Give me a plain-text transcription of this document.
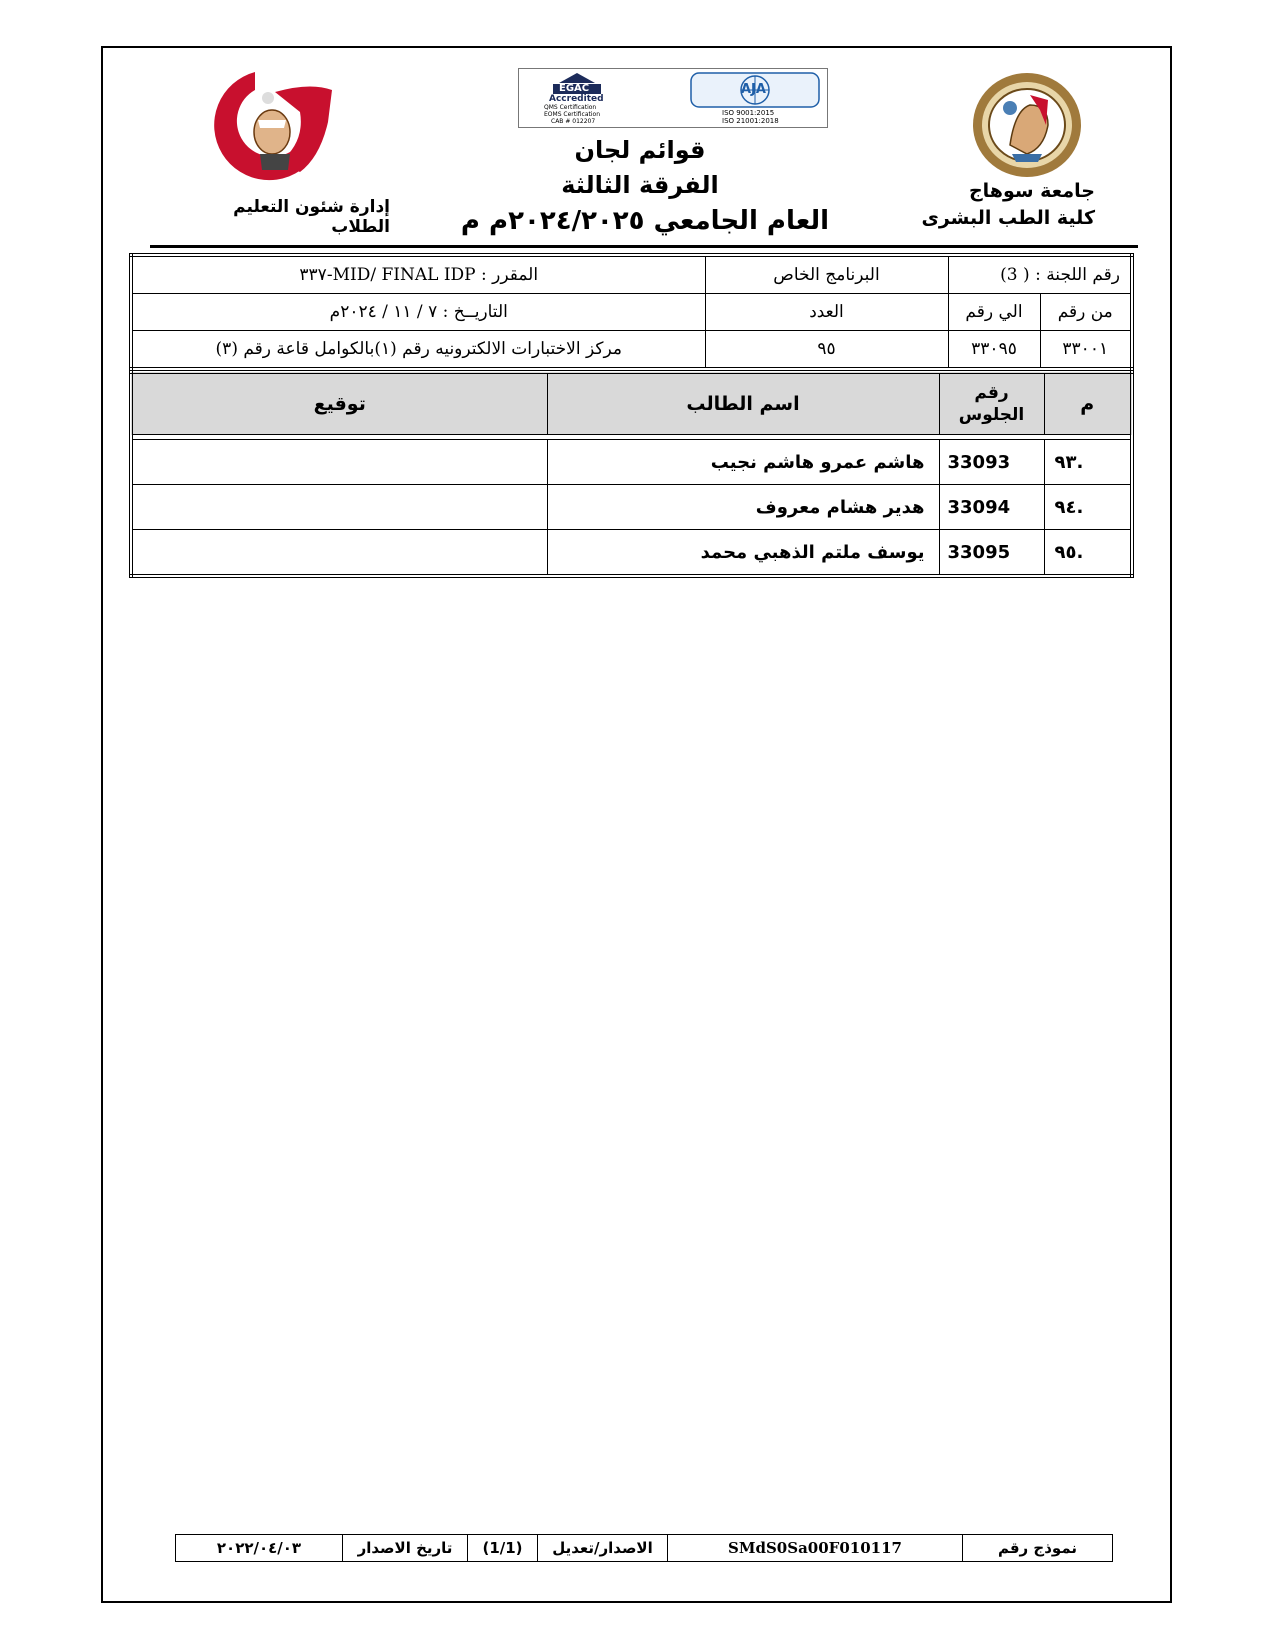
EGAC
Accredited
QMS Certification
EOMS Certification
CAB # 012207
AJA
ISO 9001:2015
ISO 21001:2018
جامعة سوهاج
كلية الطب البشرى
إدارة شئون التعليم الطلاب
قوائم لجان
الفرقة الثالثة
العام الجامعي ٢٠٢٤/٢٠٢٥م م
رقم اللجنة : ( 3)		البرنامج الخاص	المقرر : MID/ FINAL IDP-٣٣٧
من رقم	الي رقم	العدد	التاريــخ : ٧ / ١١ / ٢٠٢٤م
٣٣٠٠١	٣٣٠٩٥	٩٥	مركز الاختبارات الالكترونيه رقم (١)بالكوامل قاعة رقم (٣)
م	رقم الجلوس	اسم الطالب	توقيع

.٩٣	33093	هاشم عمرو هاشم نجيب	
.٩٤	33094	هدير هشام معروف	
.٩٥	33095	يوسف ملتم الذهبي محمد	
نموذج رقم	SMdS0Sa00F010117	الاصدار/تعديل	(1/1)	تاريخ الاصدار	٢٠٢٢/٠٤/٠٣
